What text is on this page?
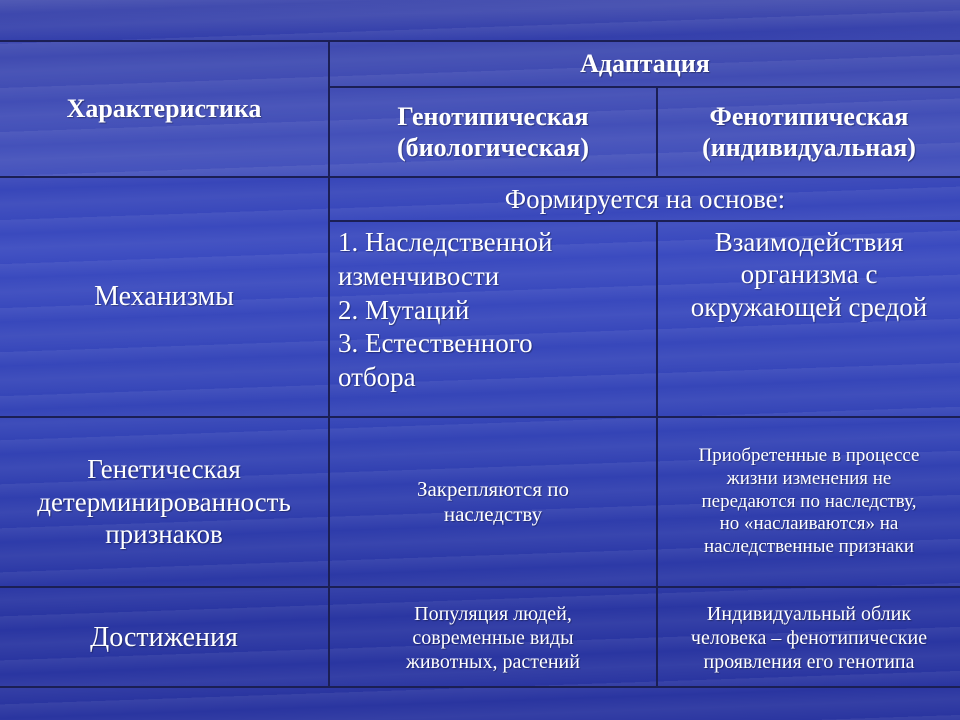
Характеристика
Адаптация
Генотипическая
(биологическая)
Фенотипическая
(индивидуальная)
Механизмы
Формируется на основе:
1. Наследственной
изменчивости
2. Мутаций
3. Естественного
отбора
Взаимодействия
организма с
окружающей средой
Генетическая
детерминированность
признаков
Закрепляются по
наследству
Приобретенные в процессе
жизни изменения не
передаются по наследству,
но «наслаиваются» на
наследственные признаки
Достижения
Популяция людей,
современные виды
животных, растений
Индивидуальный облик
человека – фенотипические
проявления его генотипа
